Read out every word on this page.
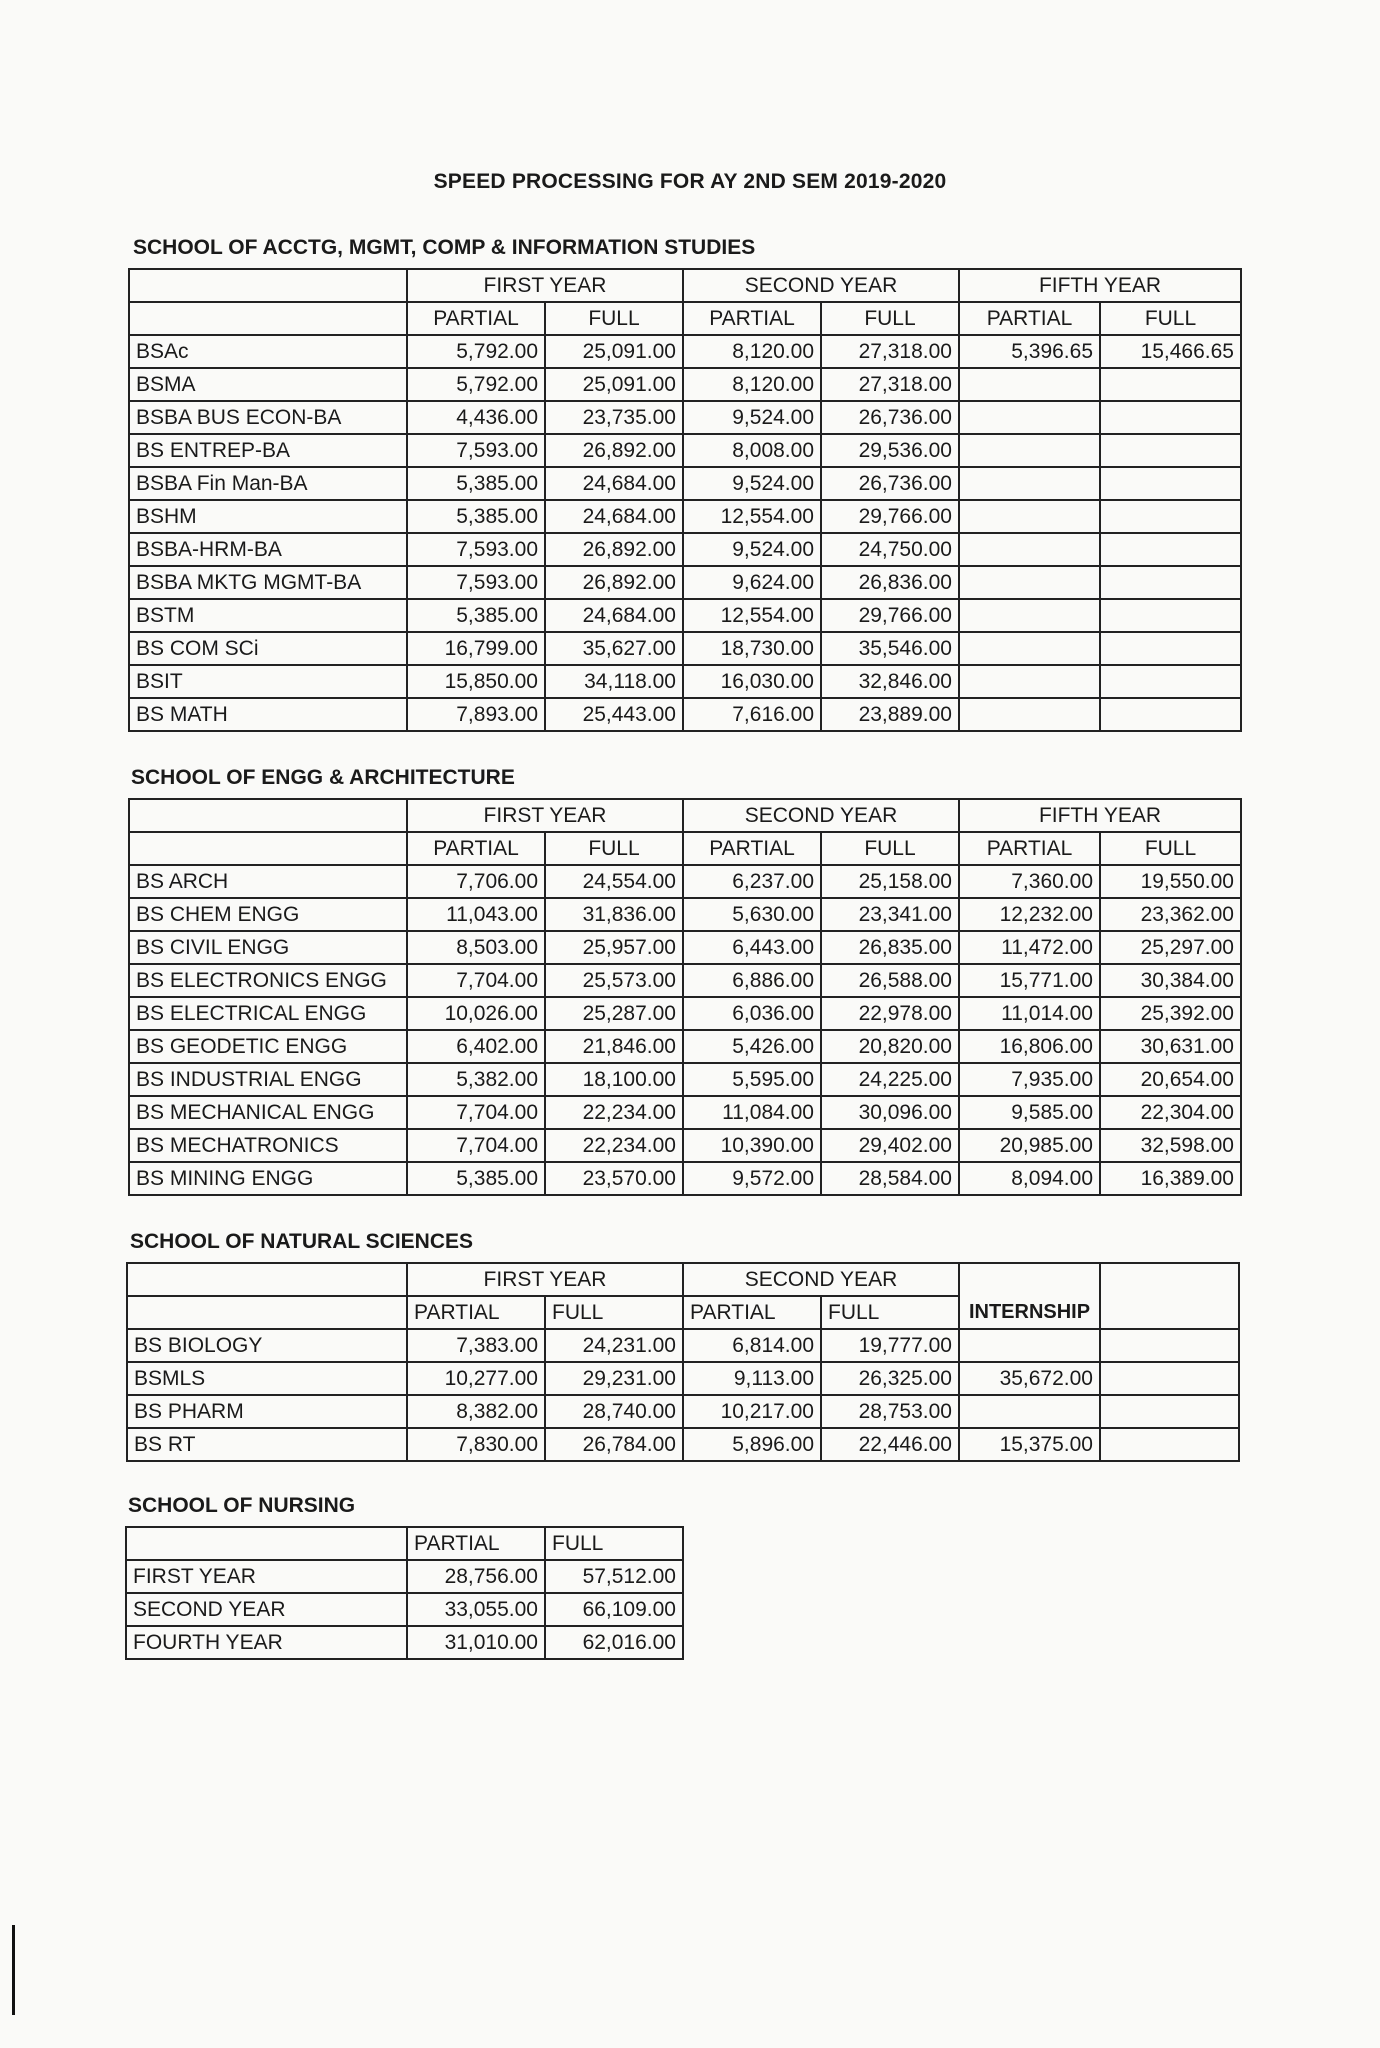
SPEED PROCESSING FOR AY 2ND SEM 2019-2020
SCHOOL OF ACCTG, MGMT, COMP & INFORMATION STUDIES
	FIRST YEAR		SECOND YEAR		FIFTH YEAR	
	PARTIAL	FULL	PARTIAL	FULL	PARTIAL	FULL
BSAc	5,792.00	25,091.00	8,120.00	27,318.00	5,396.65	15,466.65
BSMA	5,792.00	25,091.00	8,120.00	27,318.00		
BSBA BUS ECON-BA	4,436.00	23,735.00	9,524.00	26,736.00		
BS ENTREP-BA	7,593.00	26,892.00	8,008.00	29,536.00		
BSBA Fin Man-BA	5,385.00	24,684.00	9,524.00	26,736.00		
BSHM	5,385.00	24,684.00	12,554.00	29,766.00		
BSBA-HRM-BA	7,593.00	26,892.00	9,524.00	24,750.00		
BSBA MKTG MGMT-BA	7,593.00	26,892.00	9,624.00	26,836.00		
BSTM	5,385.00	24,684.00	12,554.00	29,766.00		
BS COM SCi	16,799.00	35,627.00	18,730.00	35,546.00		
BSIT	15,850.00	34,118.00	16,030.00	32,846.00		
BS MATH	7,893.00	25,443.00	7,616.00	23,889.00		
SCHOOL OF ENGG & ARCHITECTURE
	FIRST YEAR		SECOND YEAR		FIFTH YEAR	
	PARTIAL	FULL	PARTIAL	FULL	PARTIAL	FULL
BS ARCH	7,706.00	24,554.00	6,237.00	25,158.00	7,360.00	19,550.00
BS CHEM ENGG	11,043.00	31,836.00	5,630.00	23,341.00	12,232.00	23,362.00
BS CIVIL ENGG	8,503.00	25,957.00	6,443.00	26,835.00	11,472.00	25,297.00
BS ELECTRONICS ENGG	7,704.00	25,573.00	6,886.00	26,588.00	15,771.00	30,384.00
BS ELECTRICAL ENGG	10,026.00	25,287.00	6,036.00	22,978.00	11,014.00	25,392.00
BS GEODETIC ENGG	6,402.00	21,846.00	5,426.00	20,820.00	16,806.00	30,631.00
BS INDUSTRIAL ENGG	5,382.00	18,100.00	5,595.00	24,225.00	7,935.00	20,654.00
BS MECHANICAL ENGG	7,704.00	22,234.00	11,084.00	30,096.00	9,585.00	22,304.00
BS MECHATRONICS	7,704.00	22,234.00	10,390.00	29,402.00	20,985.00	32,598.00
BS MINING ENGG	5,385.00	23,570.00	9,572.00	28,584.00	8,094.00	16,389.00
SCHOOL OF NATURAL SCIENCES
	FIRST YEAR		SECOND YEAR		INTERNSHIP	
	PARTIAL	FULL	PARTIAL	FULL		
BS BIOLOGY	7,383.00	24,231.00	6,814.00	19,777.00		
BSMLS	10,277.00	29,231.00	9,113.00	26,325.00	35,672.00	
BS PHARM	8,382.00	28,740.00	10,217.00	28,753.00		
BS RT	7,830.00	26,784.00	5,896.00	22,446.00	15,375.00	
SCHOOL OF NURSING
	PARTIAL	FULL
FIRST YEAR	28,756.00	57,512.00
SECOND YEAR	33,055.00	66,109.00
FOURTH YEAR	31,010.00	62,016.00
